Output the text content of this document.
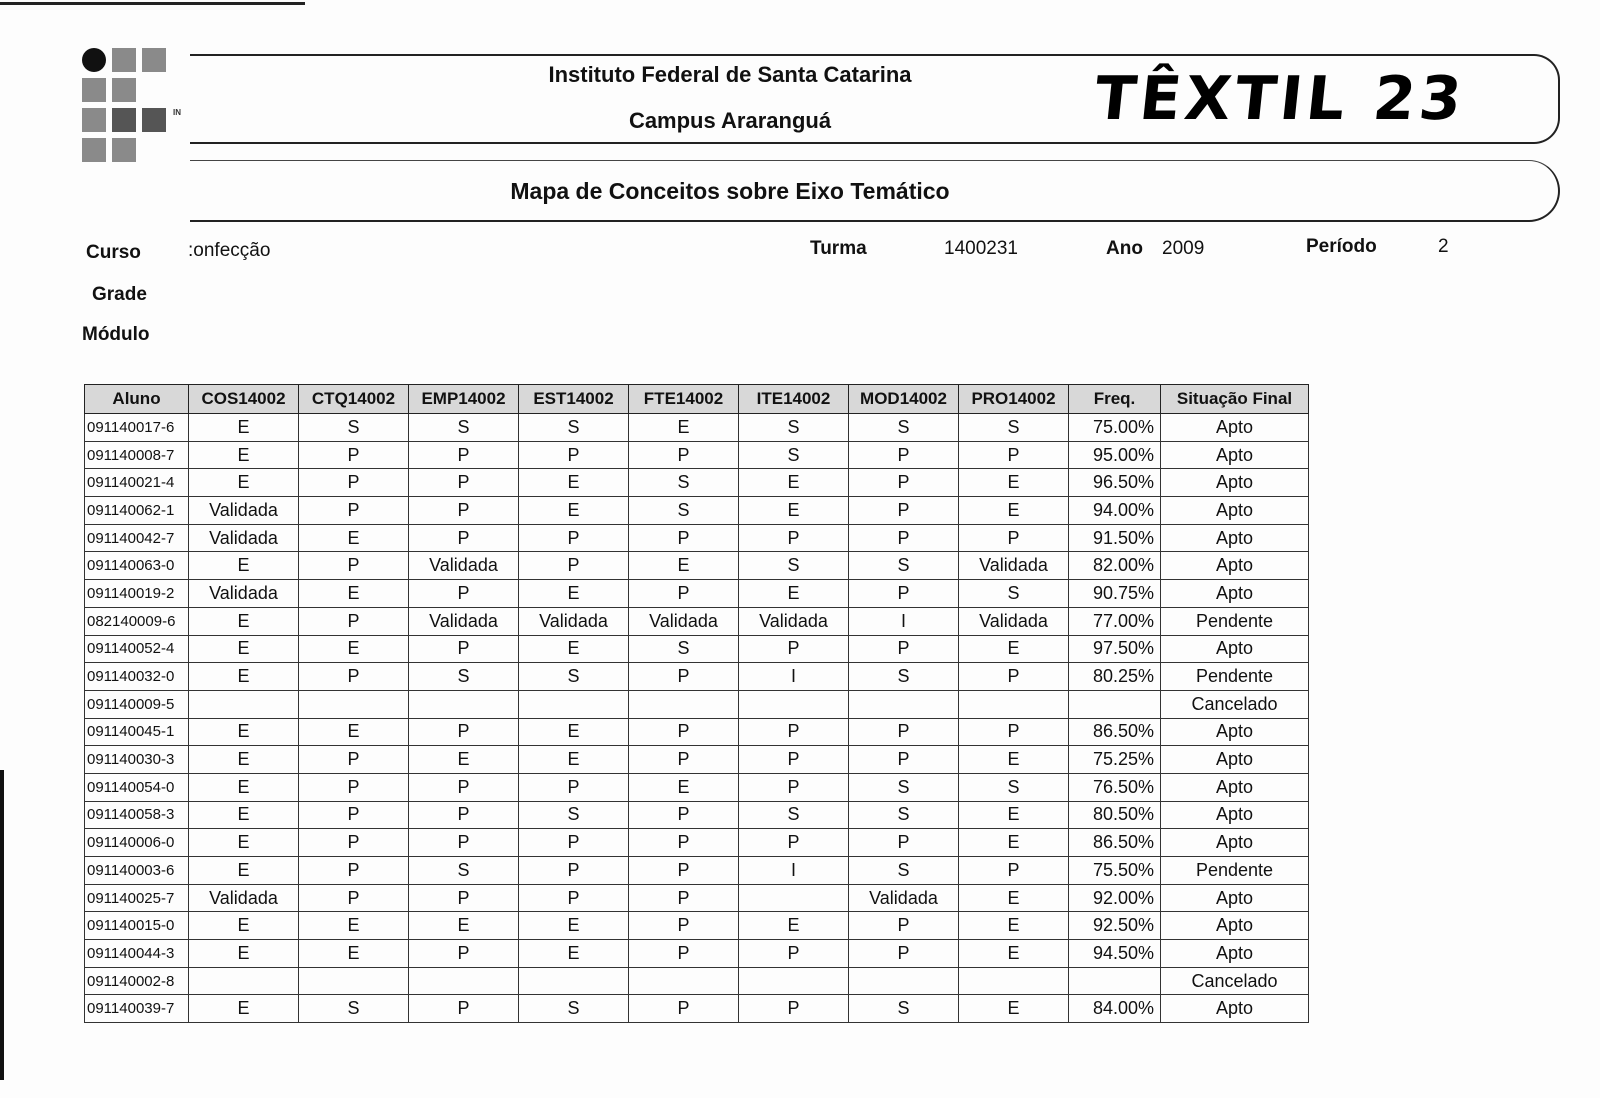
IN
Instituto Federal de Santa Catarina
Campus Araranguá
Mapa de Conceitos sobre Eixo Temático
TÊXTIL 23
Curso :onfecção	Turma	1400231	Ano 2009	Período	2
Grade
Módulo
Aluno	COS14002	CTQ14002	EMP14002	EST14002	FTE14002	ITE14002	MOD14002	PRO14002	Freq.	Situação Final
091140017-6	E	S	S	S	E	S	S	S	75.00%	Apto
091140008-7	E	P	P	P	P	S	P	P	95.00%	Apto
091140021-4	E	P	P	E	S	E	P	E	96.50%	Apto
091140062-1	Validada	P	P	E	S	E	P	E	94.00%	Apto
091140042-7	Validada	E	P	P	P	P	P	P	91.50%	Apto
091140063-0	E	P	Validada	P	E	S	S	Validada	82.00%	Apto
091140019-2	Validada	E	P	E	P	E	P	S	90.75%	Apto
082140009-6	E	P	Validada	Validada	Validada	Validada	I	Validada	77.00%	Pendente
091140052-4	E	E	P	E	S	P	P	E	97.50%	Apto
091140032-0	E	P	S	S	P	I	S	P	80.25%	Pendente
091140009-5										Cancelado
091140045-1	E	E	P	E	P	P	P	P	86.50%	Apto
091140030-3	E	P	E	E	P	P	P	E	75.25%	Apto
091140054-0	E	P	P	P	E	P	S	S	76.50%	Apto
091140058-3	E	P	P	S	P	S	S	E	80.50%	Apto
091140006-0	E	P	P	P	P	P	P	E	86.50%	Apto
091140003-6	E	P	S	P	P	I	S	P	75.50%	Pendente
091140025-7	Validada	P	P	P	P		Validada	E	92.00%	Apto
091140015-0	E	E	E	E	P	E	P	E	92.50%	Apto
091140044-3	E	E	P	E	P	P	P	E	94.50%	Apto
091140002-8										Cancelado
091140039-7	E	S	P	S	P	P	S	E	84.00%	Apto
